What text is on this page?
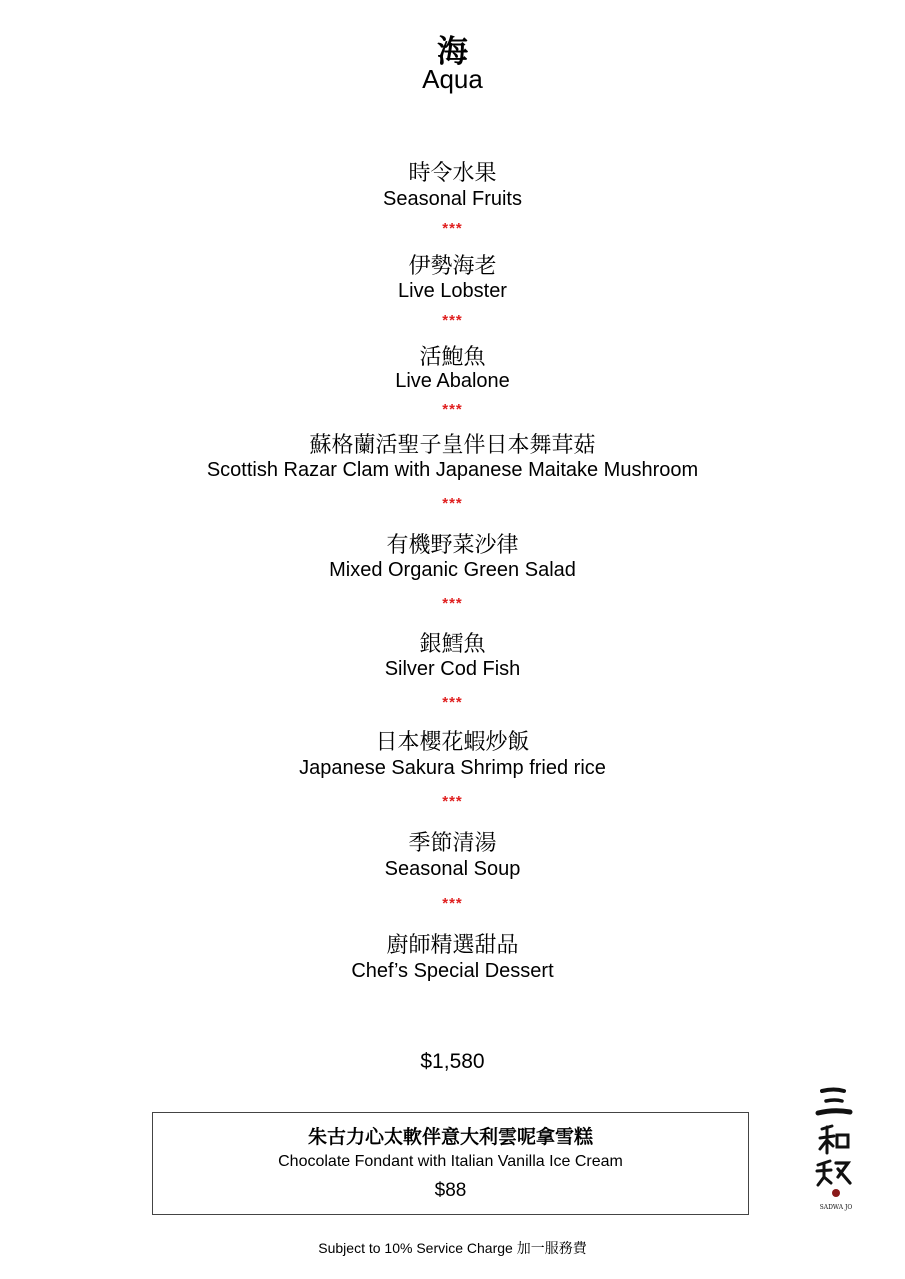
海
Aqua
時令水果
Seasonal Fruits
***
伊勢海老
Live Lobster
***
活鮑魚
Live Abalone
***
蘇格蘭活聖子皇伴日本舞茸菇
Scottish Razar Clam with Japanese Maitake Mushroom
***
有機野菜沙律
Mixed Organic Green Salad
***
銀鱈魚
Silver Cod Fish
***
日本櫻花蝦炒飯
Japanese Sakura Shrimp fried rice
***
季節清湯
Seasonal Soup
***
廚師精選甜品
Chef’s Special Dessert
$1,580
朱古力心太軟伴意大利雲呢拿雪糕
Chocolate Fondant with Italian Vanilla Ice Cream
$88
SADWA JO
Subject to 10% Service Charge 加一服務費
